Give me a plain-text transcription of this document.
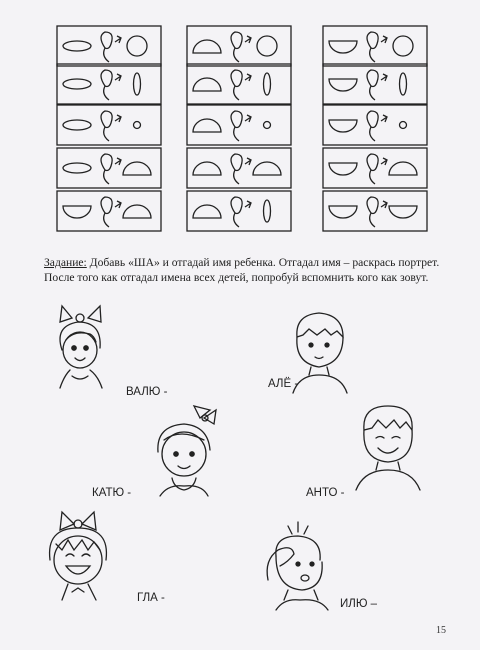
Задание: Добавь «ША» и отгадай имя ребенка. Отгадал имя – раскрась портрет.
После того как отгадал имена всех детей, попробуй вспомнить кого как зовут.
ВАЛЮ -
АЛЁ -
КАТЮ -	АНТО -
ГЛА -	ИЛЮ –
15
